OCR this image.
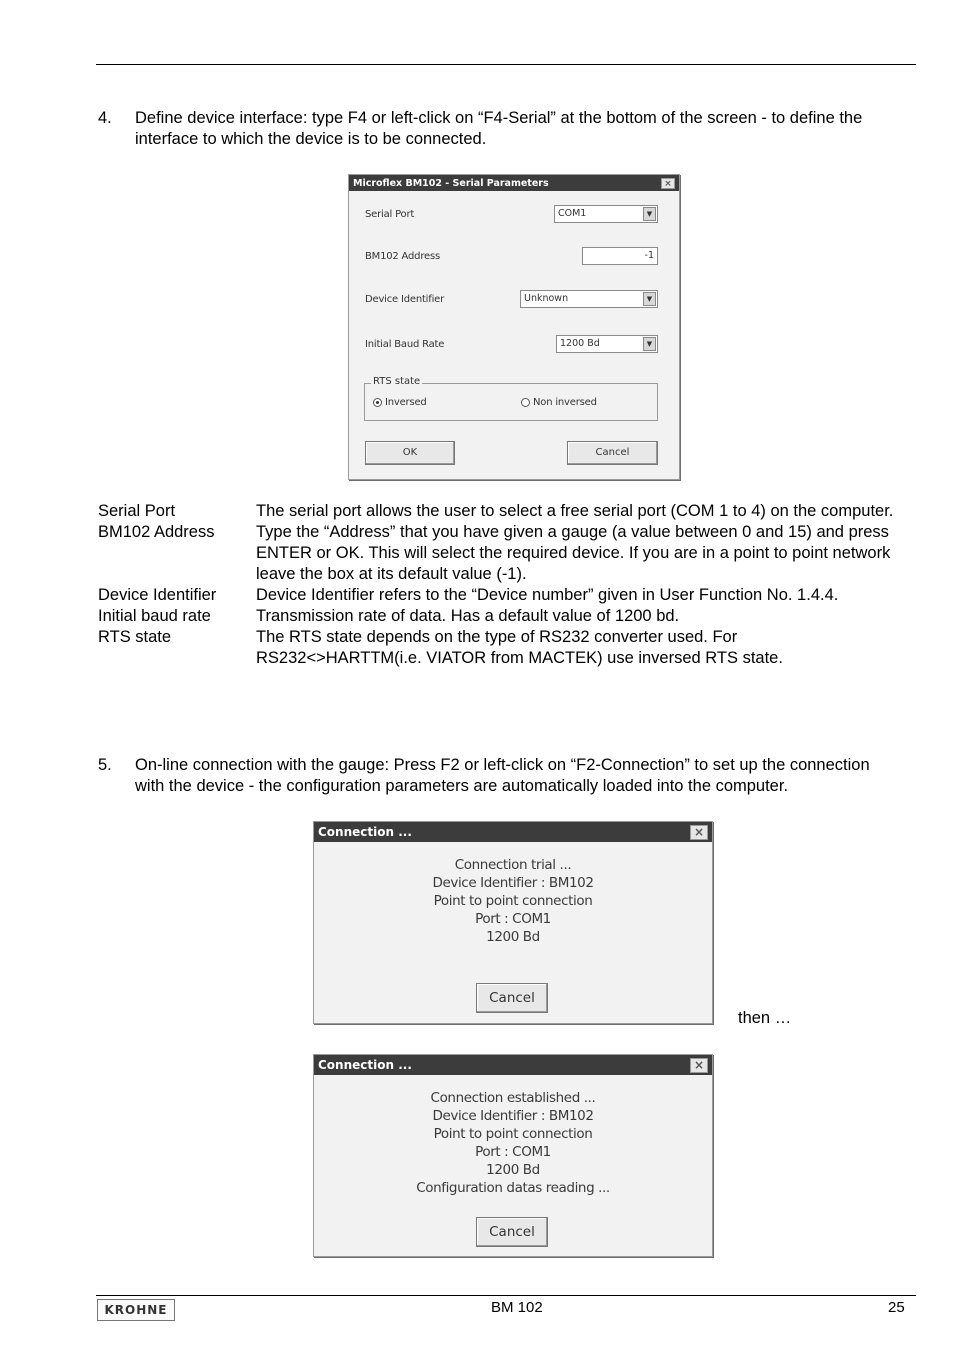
4. Define device interface: type F4 or left-click on “F4-Serial” at the bottom of the screen - to define the interface to which the device is to be connected.
Microflex BM102 - Serial Parameters	×
Serial Port	COM1	▼
BM102 Address	-1
Device Identifier	Unknown	▼
Initial Baud Rate	1200 Bd	▼
RTS state
Inversed	Non inversed
OK	Cancel
Serial Port	The serial port allows the user to select a free serial port (COM 1 to 4) on the computer.
BM102 Address	Type the “Address” that you have given a gauge (a value between 0 and 15) and press ENTER or OK. This will select the required device. If you are in a point to point network leave the box at its default value (-1).
Device Identifier	Device Identifier refers to the “Device number” given in User Function No. 1.4.4.
Initial baud rate	Transmission rate of data. Has a default value of 1200 bd.
RTS state	The RTS state depends on the type of RS232 converter used. For RS232<>HARTTM(i.e. VIATOR from MACTEK) use inversed RTS state.
5. On-line connection with the gauge: Press F2 or left-click on “F2-Connection” to set up the connection with the device - the configuration parameters are automatically loaded into the computer.
Connection ...	×
Connection trial ...
Device Identifier : BM102
Point to point connection
Port : COM1
1200 Bd
Cancel
then …
Connection ...	×
Connection established ...
Device Identifier : BM102
Point to point connection
Port : COM1
1200 Bd
Configuration datas reading ...
Cancel
KROHNE	BM 102	25
